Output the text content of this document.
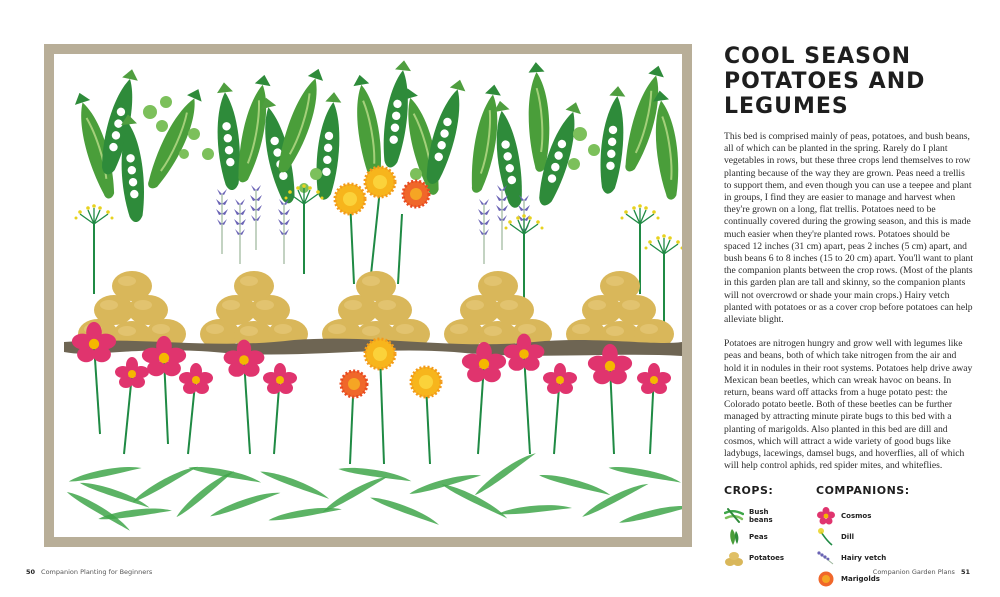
50 Companion Planting for Beginners
COOL SEASON
POTATOES AND
LEGUMES

This bed is comprised mainly of peas, potatoes, and bush beans, all of which can be planted in the spring. Rarely do I plant vegetables in rows, but these three crops lend themselves to row planting because of the way they are grown. Peas need a trellis to support them, and even though you can use a teepee and plant in groups, I find they are easier to manage and harvest when they're grown on a long, flat trellis. Potatoes need to be continually covered during the growing season, and this is made much easier when they're planted rows. Potatoes should be spaced 12 inches (31 cm) apart, peas 2 inches (5 cm) apart, and bush beans 6 to 8 inches (15 to 20 cm) apart. You'll want to plant the companion plants between the crop rows. (Most of the plants in this garden plan are tall and skinny, so the companion plants will not overcrowd or shade your main crops.) Hairy vetch planted with potatoes or as a cover crop before potatoes can help alleviate blight.

Potatoes are nitrogen hungry and grow well with legumes like peas and beans, both of which take nitrogen from the air and hold it in nodules in their root systems. Potatoes help drive away Mexican bean beetles, which can wreak havoc on beans. In return, beans ward off attacks from a huge potato pest: the Colorado potato beetle. Both of these beetles can be further managed by attracting minute pirate bugs to this bed with a planting of marigolds. Also planted in this bed are dill and cosmos, which will attract a wide variety of good bugs like ladybugs, lacewings, damsel bugs, and hoverflies, all of which will help control aphids, red spider mites, and whiteflies.

CROPS:
Bush beans
Peas
Potatoes
COMPANIONS:
Cosmos
Dill
Hairy vetch
Marigolds
Companion Garden Plans 51
